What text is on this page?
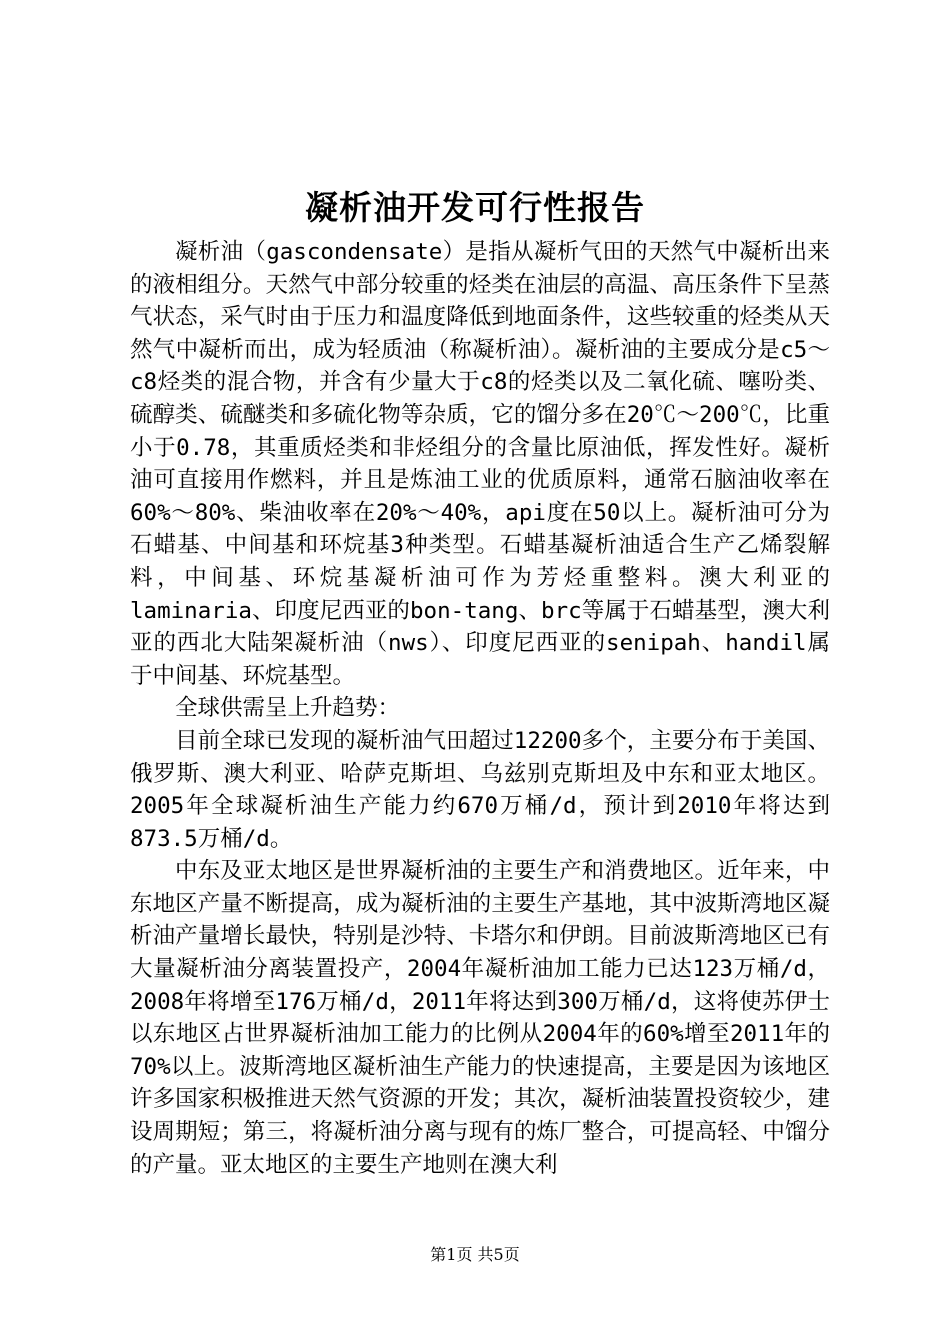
凝析油开发可行性报告

凝析油（gascondensate）是指从凝析气田的天然气中凝析出来的液相组分。天然气中部分较重的烃类在油层的高温、高压条件下呈蒸气状态，采气时由于压力和温度降低到地面条件，这些较重的烃类从天然气中凝析而出，成为轻质油（称凝析油）。凝析油的主要成分是c5～c8烃类的混合物，并含有少量大于c8的烃类以及二氧化硫、噻吩类、硫醇类、硫醚类和多硫化物等杂质，它的馏分多在20℃～200℃，比重小于0.78，其重质烃类和非烃组分的含量比原油低，挥发性好。凝析油可直接用作燃料，并且是炼油工业的优质原料，通常石脑油收率在60%～80%、柴油收率在20%～40%，api度在50以上。凝析油可分为石蜡基、中间基和环烷基3种类型。石蜡基凝析油适合生产乙烯裂解料，中间基、环烷基凝析油可作为芳烃重整料。澳大利亚的laminaria、印度尼西亚的bon-tang、brc等属于石蜡基型，澳大利亚的西北大陆架凝析油（nws）、印度尼西亚的senipah、handil属于中间基、环烷基型。

全球供需呈上升趋势：

目前全球已发现的凝析油气田超过12200多个，主要分布于美国、俄罗斯、澳大利亚、哈萨克斯坦、乌兹别克斯坦及中东和亚太地区。2005年全球凝析油生产能力约670万桶/d，预计到2010年将达到873.5万桶/d。

中东及亚太地区是世界凝析油的主要生产和消费地区。近年来，中东地区产量不断提高，成为凝析油的主要生产基地，其中波斯湾地区凝析油产量增长最快，特别是沙特、卡塔尔和伊朗。目前波斯湾地区已有大量凝析油分离装置投产，2004年凝析油加工能力已达123万桶/d，2008年将增至176万桶/d，2011年将达到300万桶/d，这将使苏伊士以东地区占世界凝析油加工能力的比例从2004年的60%增至2011年的70%以上。波斯湾地区凝析油生产能力的快速提高，主要是因为该地区许多国家积极推进天然气资源的开发；其次，凝析油装置投资较少，建设周期短；第三，将凝析油分离与现有的炼厂整合，可提高轻、中馏分的产量。亚太地区的主要生产地则在澳大利

第1页 共5页
